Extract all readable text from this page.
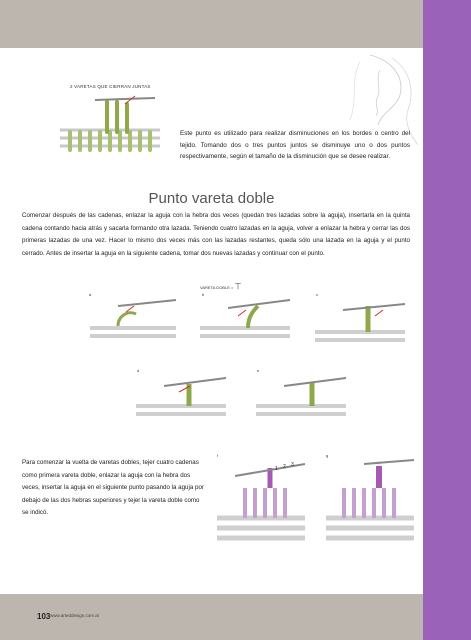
2 VARETAS QUE CIERRAN JUNTAS
Este punto es utilizado para realizar disminuciones en los bordes o centro del tejido. Tomando dos o tres puntos juntos se disminuye uno o dos puntos respectivamente, según el tamaño de la disminución que se desee realizar.
Punto vareta doble
Comenzar después de las cadenas, enlazar la aguja con la hebra dos veces (quedan tres lazadas sobre la aguja), insertarla en la quinta cadena contando hacia atrás y sacarla formando otra lazada. Teniendo cuatro lazadas en la aguja, volver a enlazar la hebra y cerrar las dos primeras lazadas de una vez. Hacer lo mismo dos veces más con las lazadas restantes, queda sólo una lazada en la aguja y el punto cerrado. Antes de insertar la aguja en la siguiente cadena, tomar dos nuevas lazadas y continuar con el punto.
VARETA DOBLE = ⊤
a	b	c
d	e
Para comenzar la vuelta de varetas dobles, tejer cuatro cadenas como primera vareta doble, enlazar la aguja con la hebra dos veces, insertar la aguja en el siguiente punto pasando la aguja por debajo de las dos hebras superiores y tejer la vareta doble como se indicó.
f
1 2 3
g
103 www.arteddesign.com.ar
